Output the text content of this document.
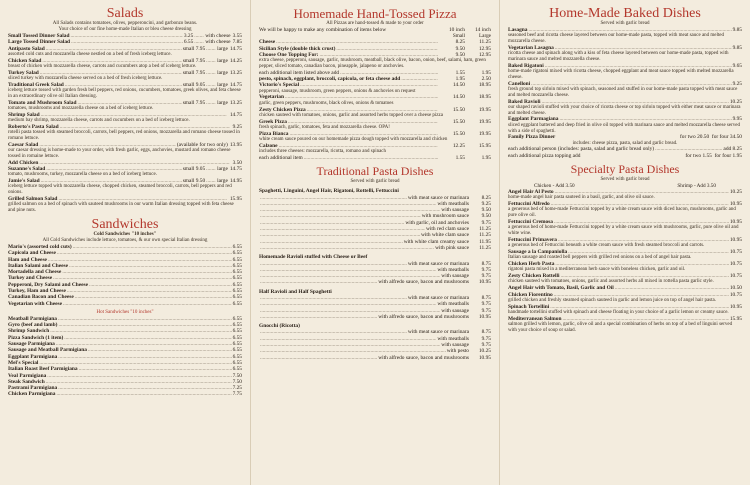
Salads
All Salads contains tomatoes, olives, pepperoncini, and garbonzo beans.
Your choice of our fine home-made Italian or bleu cheese dressing
Small Tossed Dinner Salad .....	3.25 ..... with cheese 3.55
Large Tossed Dinner Salad .....	6.55 ..... with cheese 7.85
Antipasto Salad .....	small 7.95 ..... large 14.75
assorted cold cuts and mozzarella cheese nestled on a bed of fresh iceberg lettuce.
Chicken Salad .....	small 7.95 ..... large 14.25
breast of chicken with mozzarella cheese, carrots and cucumbers atop a bed of iceberg lettuce.
Turkey Salad .....	small 7.95 ..... large 13.25
sliced turkey with mozzarella cheese served on a bed of fresh iceberg lettuce.
Traditional Greek Salad .....	small 9.05 ..... large 14.75
iceberg lettuce tossed with garden fresh bell peppers, red onions, cucumbers, tomatoes, greek olives, and feta cheese in an extraordinary olive oil Italian dressing.
Tomato and Mushroom Salad .....	small 7.95 ..... large 13.25
tomatoes, mushrooms and mozzarella cheese on a bed of iceberg lettuce.
Shrimp Salad .....	14.75
medium bay shrimp, mozzarella cheese, carrots and cucumbers on a bed of iceberg lettuce.
Roberto's Pasta Salad .....	9.25
rotelli pasta tossed with steamed broccoli, carrots, bell peppers, red onions, mozzarella and romano cheese tossed in romano lettuce.
Caesar Salad .....	(available for two only) 13.95
our caesar dressing is home-made to your order, with fresh garlic, eggs, anchovies, mustard and romano cheese tossed in romaine lettuce.
Add Chicken .....	3.50
Suzanne's Salad .....	small 9.05 ..... large 14.75
tomato, mushrooms, turkey, mozzarella cheese on a bed of iceberg lettuce.
Jamie's Salad .....	small 9.50 ..... large 14.95
iceberg lettuce topped with mozzarella cheese, chopped chicken, steamed broccoli, carrots, bell peppers and red onions.
Grilled Salmon Salad .....	15.95
grilled salmon on a bed of spinach with sauteed mushrooms in our warm Italian dressing topped with feta cheese and pine nuts.
Sandwiches
Cold Sandwiches "10 inches"
All Cold Sandwiches include lettuce, tomatoes, & our own special Italian dressing
Mario's (assorted cold cuts) .....	6.55
Capicola and Cheese .....	6.55
Ham and Cheese .....	6.55
Italian Salami and Cheese .....	6.55
Mortadella and Cheese .....	6.55
Turkey and Cheese .....	6.55
Pepperoni, Dry Salami and Cheese .....	6.55
Turkey, Ham and Cheese .....	6.55
Canadian Bacon and Cheese .....	6.55
Vegetarian with Cheese .....	6.55
Hot Sandwiches "10 inches"
Meatball Parmigiana .....	6.55
Gyro (beef and lamb) .....	6.55
Shrimp Sandwich .....	6.55
Pizza Sandwich (1 item) .....	6.55
Sausage Parmigiana .....	6.55
Sausage and Meatball Parmigiana .....	6.55
Eggplant Parmigiana .....	6.55
Mel's Special .....	6.55
Italian Roast Beef Parmigiana .....	6.55
Veal Parmigiana .....	7.50
Steak Sandwich .....	7.50
Pastrami Parmigiana .....	7.25
Chicken Parmigiana .....	7.75
Homemade Hand-Tossed Pizza
All Pizzas are hand-tossed & made to your order
We will be happy to make any combination of items below	10 inch	14 inch
Small	Large
Cheese .....	8.25	11.25
Sicilian Style (double thick crust) .....	9.50	12.95
Choose One Topping For: .....	9.50	12.95
extra cheese, pepperoni, sausage, garlic, mushroom, meatball, black olive, bacon, onion, beef, salami, ham, green pepper, sliced tomato, canadian bacon, pineapple, jalapeno or anchovies.
each additional item listed above add .....	1.55	1.95
pesto, spinach, eggplant, broccoli, capicola, or feta cheese add .....	1.95	2.50
Victorio's Special .....	14.50	18.95
pepperoni, sausage, mushroom, green peppers, onions & anchovies on request
Vegetarian .....	14.50	18.95
garlic, green peppers, mushrooms, black olives, onions & tomatoes
Zesty Chicken Pizza .....	15.50	19.95
chicken sauteed with tomatoes, onions, garlic and assorted herbs topped over a cheese pizza
Greek Pizza .....	15.50	19.95
fresh spinach, garlic, tomatoes, feta and mozzarella cheese. OPA!
Pizza Bianca .....	15.50	19.95
white cream sauce poured on our homemade pizza dough topped with mozzarella and chicken
Calzone .....	12.25	15.95
includes three cheeses: mozzarella, ricotta, romano and spinach
each additional item .....	1.55	1.95
Traditional Pasta Dishes
Served with garlic bread
Spaghetti, Linguini, Angel Hair, Rigatoni, Rottelli, Fettuccini
.....
with meat sauce or marinara	8.25
.....
with meatballs	9.25
.....
with sausage	9.50
.....
with mushroom sauce	9.50
.....
with garlic, oil and anchovies	9.75
.....
with red clam sauce	11.25
.....
with white clam sauce	11.25
.....
with white clam creamy sauce	11.95
.....
with pink sauce	11.25
Homemade Ravioli stuffed with Cheese or Beef
.....
with meat sauce or marinara	8.75
.....
with meatballs	9.75
.....
with sausage	9.75
.....
with alfredo sauce, bacon and mushrooms	10.95
Half Ravioli and Half Spaghetti
.....
with meat sauce or marinara	8.75
.....
with meatballs	9.75
.....
with sausage	9.75
.....
with alfredo sauce, bacon and mushrooms	10.95
Gnocchi (Ricotta)
.....
with meat sauce or marinara	8.75
.....
with meatballs	9.75
.....
with sausage	9.75
.....
with pesto	10.25
.....
with alfredo sauce, bacon and mushrooms	10.95
Home-Made Baked Dishes
Served with garlic bread
Lasagna .....	9.85
seasoned beef and ricotta cheese layered between our home-made pasta, topped with meat sauce and melted mozzarella cheese.
Vegetarian Lasagna .....	9.85
ricotta cheese and spinach along with a kiss of feta cheese layered between our home-made pasta, topped with marinara sauce and melted mozzarella cheese.
Baked Rigatoni .....	9.65
home-made rigatoni mixed with ricotta cheese, chopped eggplant and meat sauce topped with melted mozzarella cheese.
Canelloni .....	9.25
fresh ground top sirloin mixed with spinach, seasoned and stuffed in our home-made pasta topped with meat sauce and melted mozzarella cheese.
Baked Ravioli .....	10.25
our shaped ravioli stuffed with your choice of ricotta cheese or top sirloin topped with either meat sauce or marinara and melted cheese.
Eggplant Parmagiana .....	9.95
sliced eggplant battered and deep fried in olive oil topped with marinara sauce and melted mozzarella cheese served with a side of spaghetti.
Family Pizza Dinner	for two 20.50
for four 34.50
includes: cheese pizza, pasta, salad and garlic bread.
each additional person (includes: pasta, salad and garlic bread only) .....	add 8.25
each additional pizza topping add	for two 1.55
for four 1.95
Specialty Pasta Dishes
Served with garlic bread
Chicken - Add 3.50	Shrimp - Add 3.50
Angel Hair Al Pesto .....	10.25
home-made angel hair pasta sauteed in a basil, garlic, and olive oil sauce.
Fettuccini Alfredo .....	10.95
a generous bed of home-made Fettuccini topped by a white cream sauce with diced bacon, mushrooms, garlic and pure olive oil.
Fettuccini Cremosa .....	10.95
a generous bed of home-made Fettuccini topped by a white cream sauce with mushrooms, garlic, pure olive oil and white wine.
Fettuccini Primavera .....	10.95
a generous bed of Fettuccini beneath a white cream sauce with fresh steamed broccoli and carrots.
Sausage a la Campaniolla .....	10.75
Italian sausage and roasted bell peppers with grilled red onions on a bed of angel hair pasta.
Chicken Herb Pasta .....	10.75
rigatoni pasta mixed in a mediterranean herb sauce with boneless chicken, garlic and oil.
Zesty Chicken Rottelli .....	10.75
chicken sauteed with tomatoes, onions, garlic and assorted herbs all mixed in rottella pasta garlic style.
Angel Hair with Tomato, Basil, Garlic and Oil .....	10.50
Chicken Fiorentino .....	10.75
grilled chicken and freshly steamed spinach sauteed in garlic and lemon juice on top of angel hair pasta.
Spinach Tortellini .....	10.95
handmade tortellini stuffed with spinach and cheese floating in your choice of a garlic lemon or creamy sauce.
Mediterranean Salmon .....	15.95
salmon grilled with lemon, garlic, olive oil and a special combination of herbs on top of a bed of linguini served with your choice of soup or salad.
